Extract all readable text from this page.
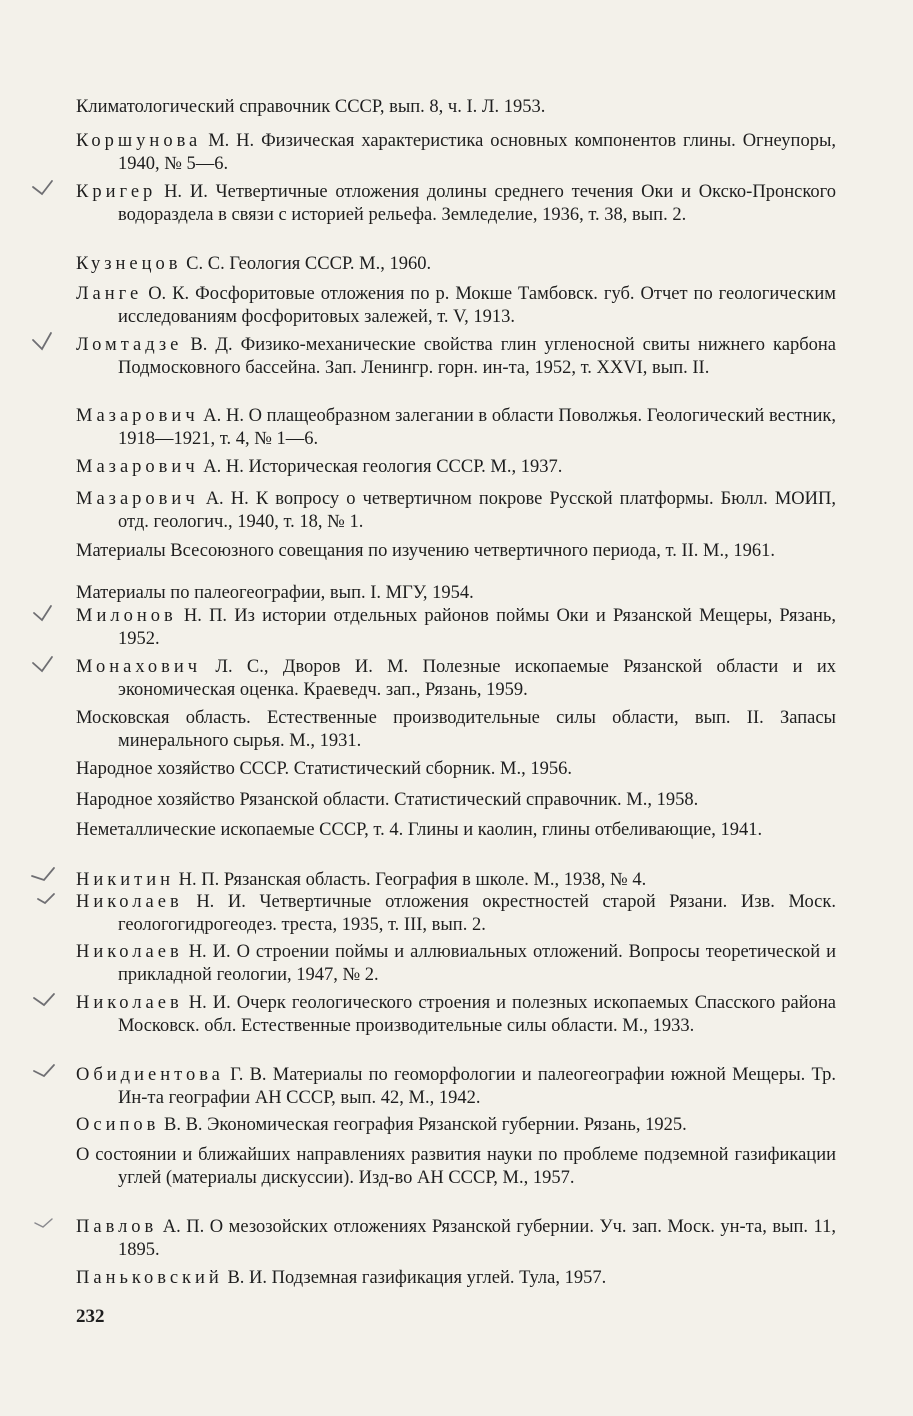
Климатологический справочник СССР, вып. 8, ч. I. Л. 1953.
Коршунова М. Н. Физическая характеристика основных компонентов глины. Огнеупоры, 1940, № 5—6.
Кригер Н. И. Четвертичные отложения долины среднего течения Оки и Окско-Пронского водораздела в связи с историей рельефа. Земледелие, 1936, т. 38, вып. 2.
Кузнецов С. С. Геология СССР. М., 1960.
Ланге О. К. Фосфоритовые отложения по р. Мокше Тамбовск. губ. Отчет по геологическим исследованиям фосфоритовых залежей, т. V, 1913.
Ломтадзе В. Д. Физико-механические свойства глин угленосной свиты нижнего карбона Подмосковного бассейна. Зап. Ленингр. горн. ин-та, 1952, т. XXVI, вып. II.
Мазарович А. Н. О плащеобразном залегании в области Поволжья. Геологический вестник, 1918—1921, т. 4, № 1—6.
Мазарович А. Н. Историческая геология СССР. М., 1937.
Мазарович А. Н. К вопросу о четвертичном покрове Русской платформы. Бюлл. МОИП, отд. геологич., 1940, т. 18, № 1.
Материалы Всесоюзного совещания по изучению четвертичного периода, т. II. М., 1961.
Материалы по палеогеографии, вып. I. МГУ, 1954.
Милонов Н. П. Из истории отдельных районов поймы Оки и Рязанской Мещеры, Рязань, 1952.
Монахович Л. С., Дворов И. М. Полезные ископаемые Рязанской области и их экономическая оценка. Краеведч. зап., Рязань, 1959.
Московская область. Естественные производительные силы области, вып. II. Запасы минерального сырья. М., 1931.
Народное хозяйство СССР. Статистический сборник. М., 1956.
Народное хозяйство Рязанской области. Статистический справочник. М., 1958.
Неметаллические ископаемые СССР, т. 4. Глины и каолин, глины отбеливающие, 1941.
Никитин Н. П. Рязанская область. География в школе. М., 1938, № 4.
Николаев Н. И. Четвертичные отложения окрестностей старой Рязани. Изв. Моск. геологогидрогеодез. треста, 1935, т. III, вып. 2.
Николаев Н. И. О строении поймы и аллювиальных отложений. Вопросы теоретической и прикладной геологии, 1947, № 2.
Николаев Н. И. Очерк геологического строения и полезных ископаемых Спасского района Московск. обл. Естественные производительные силы области. М., 1933.
Обидиентова Г. В. Материалы по геоморфологии и палеогеографии южной Мещеры. Тр. Ин-та географии АН СССР, вып. 42, М., 1942.
Осипов В. В. Экономическая география Рязанской губернии. Рязань, 1925.
О состоянии и ближайших направлениях развития науки по проблеме подземной газификации углей (материалы дискуссии). Изд-во АН СССР, М., 1957.
Павлов А. П. О мезозойских отложениях Рязанской губернии. Уч. зап. Моск. ун-та, вып. 11, 1895.
Паньковский В. И. Подземная газификация углей. Тула, 1957.
232
